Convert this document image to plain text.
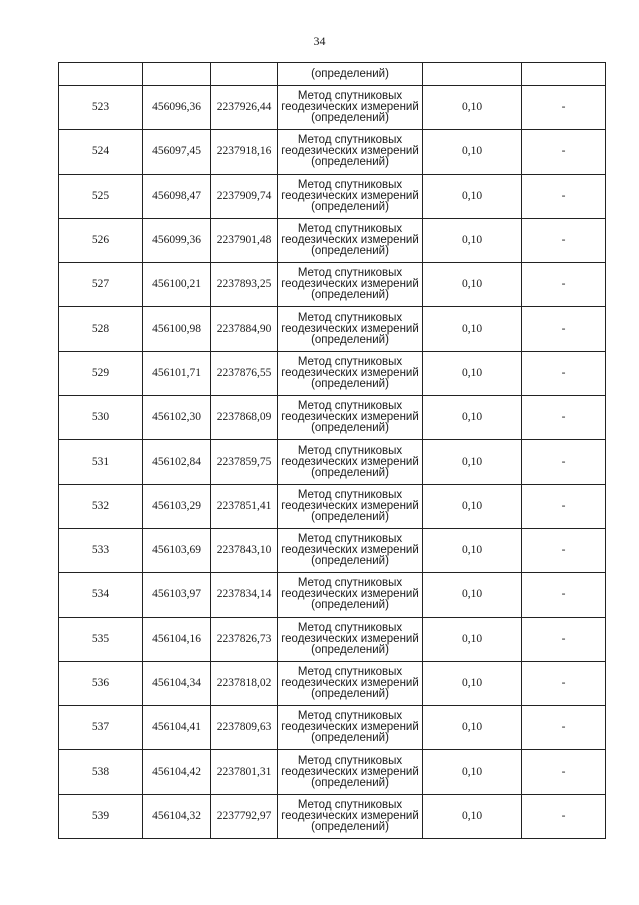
34
			(определений)		
523	456096,36	2237926,44	Метод спутниковых
геодезических измерений
(определений)	0,10	-
524	456097,45	2237918,16	Метод спутниковых
геодезических измерений
(определений)	0,10	-
525	456098,47	2237909,74	Метод спутниковых
геодезических измерений
(определений)	0,10	-
526	456099,36	2237901,48	Метод спутниковых
геодезических измерений
(определений)	0,10	-
527	456100,21	2237893,25	Метод спутниковых
геодезических измерений
(определений)	0,10	-
528	456100,98	2237884,90	Метод спутниковых
геодезических измерений
(определений)	0,10	-
529	456101,71	2237876,55	Метод спутниковых
геодезических измерений
(определений)	0,10	-
530	456102,30	2237868,09	Метод спутниковых
геодезических измерений
(определений)	0,10	-
531	456102,84	2237859,75	Метод спутниковых
геодезических измерений
(определений)	0,10	-
532	456103,29	2237851,41	Метод спутниковых
геодезических измерений
(определений)	0,10	-
533	456103,69	2237843,10	Метод спутниковых
геодезических измерений
(определений)	0,10	-
534	456103,97	2237834,14	Метод спутниковых
геодезических измерений
(определений)	0,10	-
535	456104,16	2237826,73	Метод спутниковых
геодезических измерений
(определений)	0,10	-
536	456104,34	2237818,02	Метод спутниковых
геодезических измерений
(определений)	0,10	-
537	456104,41	2237809,63	Метод спутниковых
геодезических измерений
(определений)	0,10	-
538	456104,42	2237801,31	Метод спутниковых
геодезических измерений
(определений)	0,10	-
539	456104,32	2237792,97	Метод спутниковых
геодезических измерений
(определений)	0,10	-
